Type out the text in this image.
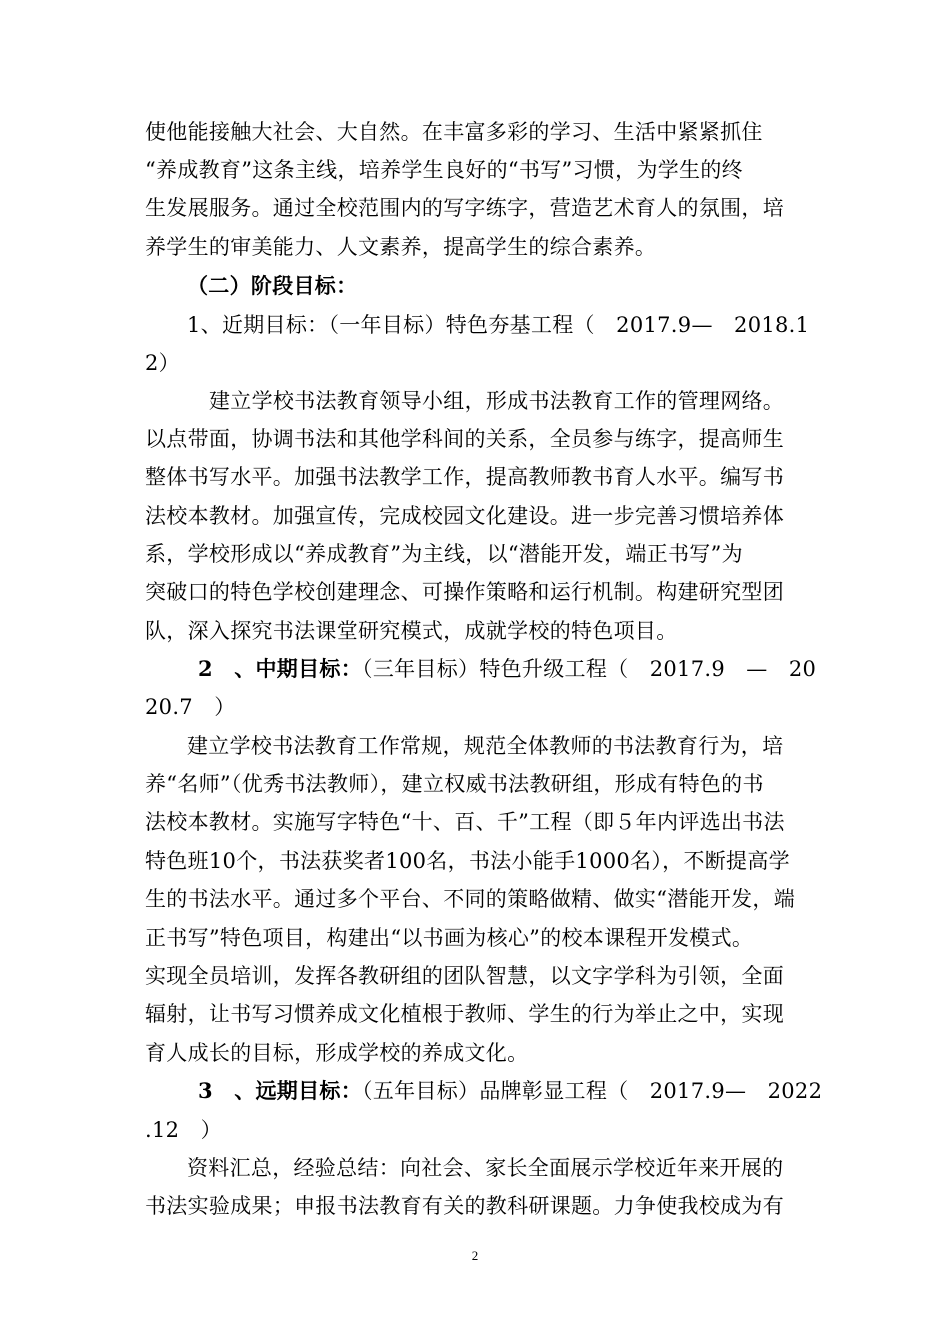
使他能接触大社会、大自然。在丰富多彩的学习、生活中紧紧抓住
“养成教育”这条主线，培养学生良好的“书写”习惯，为学生的终
生发展服务。通过全校范围内的写字练字，营造艺术育人的氛围，培
养学生的审美能力、人文素养，提高学生的综合素养。
（二）阶段目标：
1、近期目标：（一年目标）特色夯基工程（　2017.9—　2018.1
2）
建立学校书法教育领导小组，形成书法教育工作的管理网络。
以点带面，协调书法和其他学科间的关系，全员参与练字，提高师生
整体书写水平。加强书法教学工作，提高教师教书育人水平。编写书
法校本教材。加强宣传，完成校园文化建设。进一步完善习惯培养体
系，学校形成以“养成教育”为主线，以“潜能开发，端正书写”为
突破口的特色学校创建理念、可操作策略和运行机制。构建研究型团
队，深入探究书法课堂研究模式，成就学校的特色项目。
2　、中期目标：（三年目标）特色升级工程（　2017.9　—　20
20.7　）
建立学校书法教育工作常规，规范全体教师的书法教育行为，培
养“名师”（优秀书法教师），建立权威书法教研组，形成有特色的书
法校本教材。实施写字特色“十、百、千”工程（即５年内评选出书法
特色班10个，书法获奖者100名，书法小能手1000名），不断提高学
生的书法水平。通过多个平台、不同的策略做精、做实“潜能开发，端
正书写”特色项目，构建出“以书画为核心”的校本课程开发模式。
实现全员培训，发挥各教研组的团队智慧，以文字学科为引领，全面
辐射，让书写习惯养成文化植根于教师、学生的行为举止之中，实现
育人成长的目标，形成学校的养成文化。
3　、远期目标：（五年目标）品牌彰显工程（　2017.9—　2022
.12　）
资料汇总，经验总结：向社会、家长全面展示学校近年来开展的
书法实验成果；申报书法教育有关的教科研课题。力争使我校成为有
2
